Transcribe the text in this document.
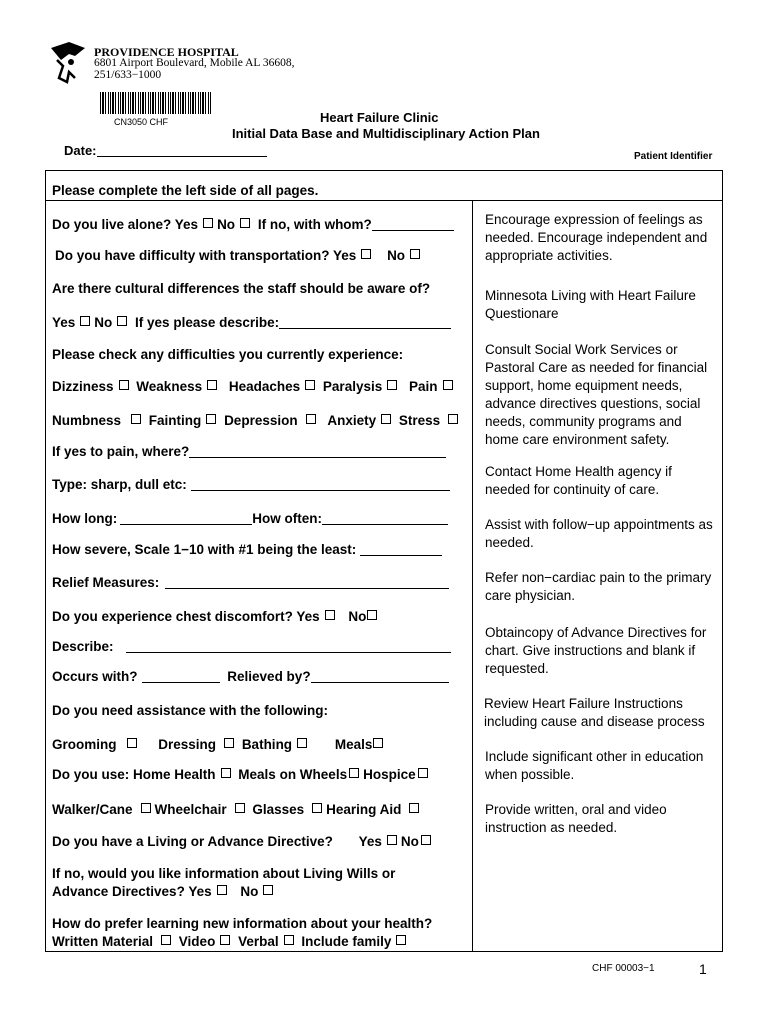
PROVIDENCE HOSPITAL
6801 Airport Boulevard, Mobile AL 36608,
251/633−1000
CN3050 CHF	Heart Failure Clinic
Initial Data Base and Multidisciplinary Action Plan
Date:	Patient Identifier
Please complete the left side of all pages.
Do you live alone? Yes No If no, with whom?
Do you have difficulty with transportation? Yes No
Are there cultural differences the staff should be aware of?
Yes No If yes please describe:
Please check any difficulties you currently experience:
Dizziness Weakness Headaches Paralysis Pain
Numbness Fainting Depression Anxiety Stress
If yes to pain, where?
Type: sharp, dull etc:
How long:	How often:
How severe, Scale 1−10 with #1 being the least:
Relief Measures:
Do you experience chest discomfort? Yes No
Describe:
Occurs with?	Relieved by?
Do you need assistance with the following:
Grooming	Dressing Bathing	Meals
Do you use: Home Health Meals on Wheels Hospice
Walker/Cane Wheelchair Glasses Hearing Aid
Do you have a Living or Advance Directive? Yes No
If no, would you like information about Living Wills or
Advance Directives? Yes No
How do prefer learning new information about your health?
Written Material Video Verbal Include family
Encourage expression of feelings as
needed. Encourage independent and
appropriate activities.
Minnesota Living with Heart Failure
Questionare
Consult Social Work Services or
Pastoral Care as needed for financial
support, home equipment needs,
advance directives questions, social
needs, community programs and
home care environment safety.
Contact Home Health agency if
needed for continuity of care.
Assist with follow−up appointments as
needed.
Refer non−cardiac pain to the primary
care physician.
Obtaincopy of Advance Directives for
chart. Give instructions and blank if
requested.
Review Heart Failure Instructions
including cause and disease process
Include significant other in education
when possible.
Provide written, oral and video
instruction as needed.
CHF 00003−1	1
